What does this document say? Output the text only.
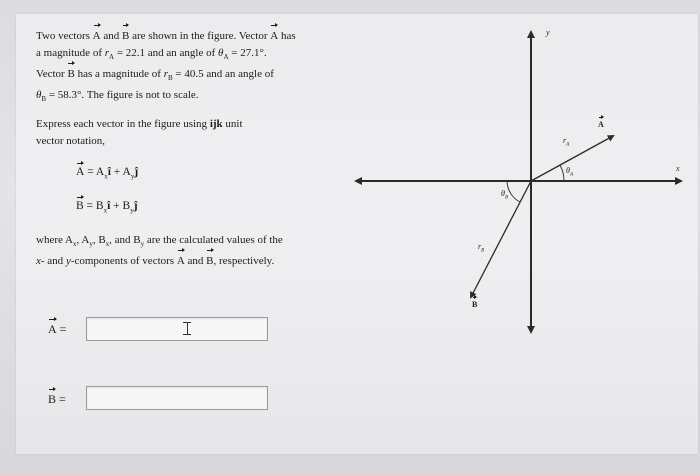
Two vectors A and B are shown in the figure. Vector A has
a magnitude of $r_A = 22.1$ and an angle of $\theta_A = 27.1^\circ$.
Vector B has a magnitude of $r_B = 40.5$ and an angle of
$\theta_B = 58.3^\circ$. The figure is not to scale.
Express each vector in the figure using ijk unit
vector notation,
$A = A_xî$ + $A_yĵ$
$B = B_xî$ + $B_yĵ$
where $A_x$, $A_y$, $B_x$, and $B_y$ are the calculated values of the
x- and y-components of vectors A and B, respectively.
A =
B =
y
x
A
$r_A$
$\theta_A$
$\theta_B$
$r_B$
B
